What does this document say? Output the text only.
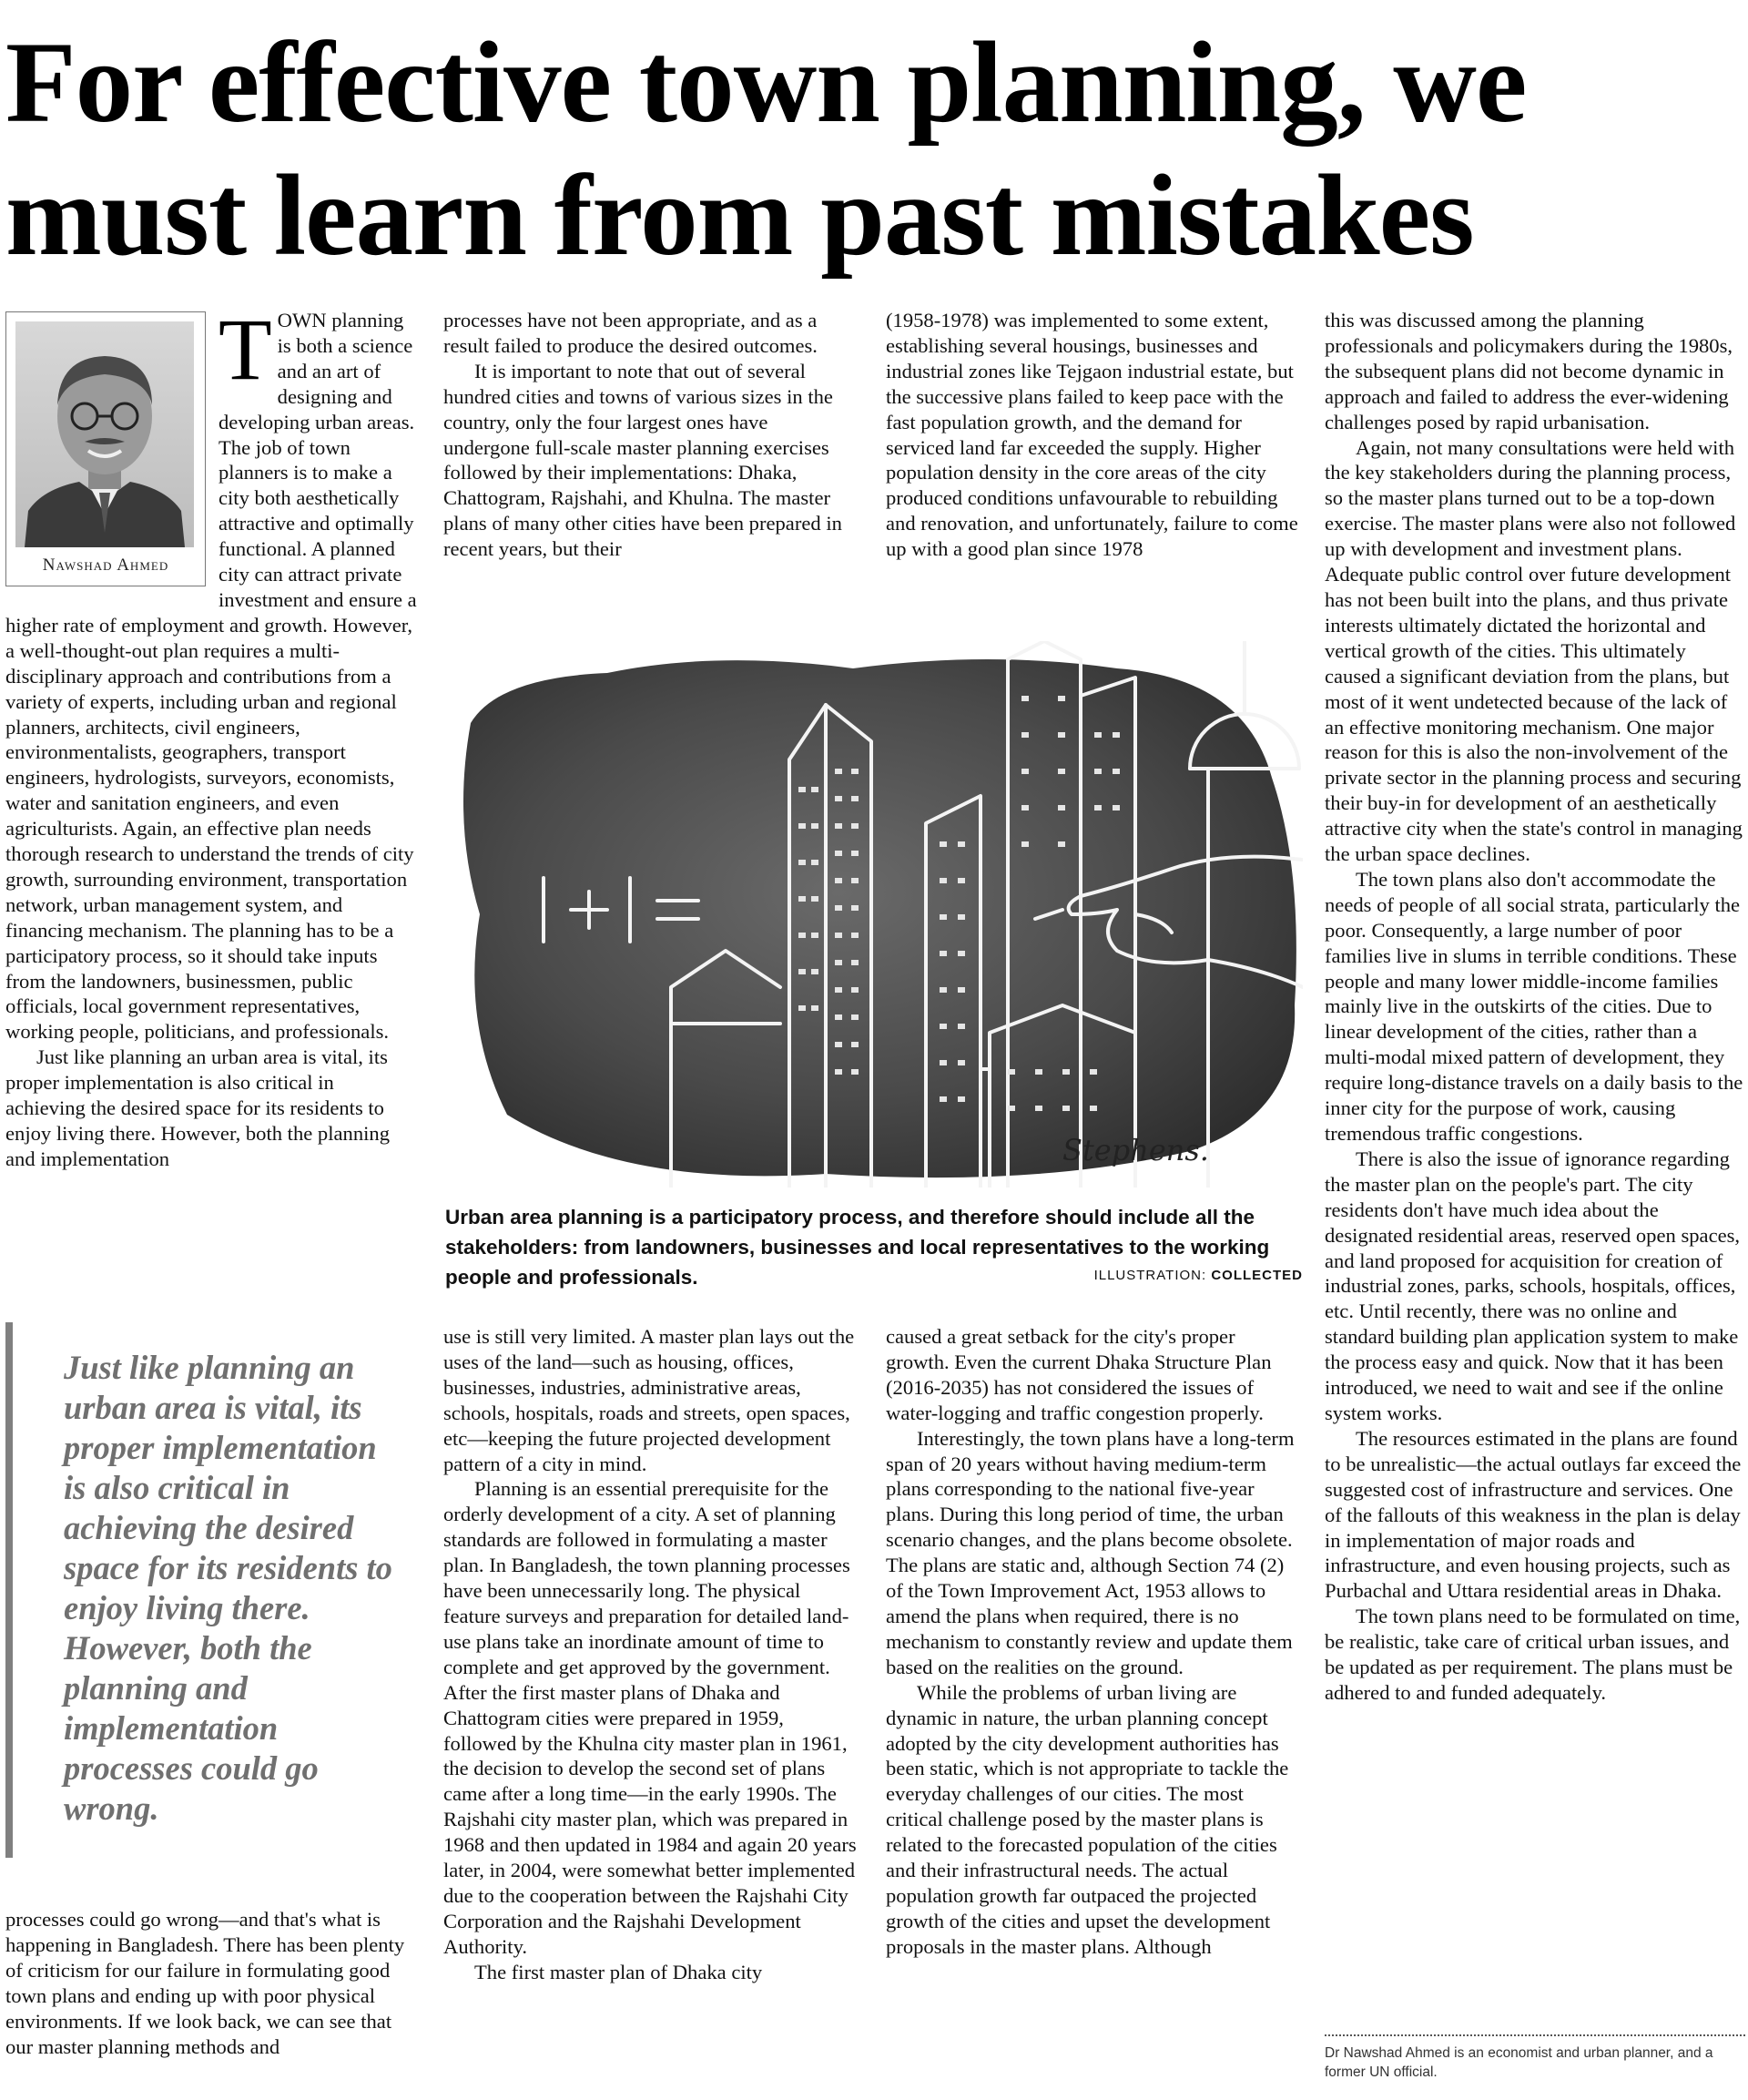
For effective town planning, we must learn from past mistakes
Nawshad Ahmed
T OWN planning is both a science and an art of designing and developing urban areas. The job of town planners is to make a city both aesthetically attractive and optimally functional. A planned city can attract private investment and ensure a higher rate of employment and growth. However, a well-thought-out plan requires a multi-disciplinary approach and contributions from a variety of experts, including urban and regional planners, architects, civil engineers, environmentalists, geographers, transport engineers, hydrologists, surveyors, economists, water and sanitation engineers, and even agriculturists. Again, an effective plan needs thorough research to understand the trends of city growth, surrounding environment, transportation network, urban management system, and financing mechanism. The planning has to be a participatory process, so it should take inputs from the landowners, businessmen, public officials, local government representatives, working people, politicians, and professionals.

Just like planning an urban area is vital, its proper implementation is also critical in achieving the desired space for its residents to enjoy living there. However, both the planning and implementation

Just like planning an urban area is vital, its proper implementation is also critical in achieving the desired space for its residents to enjoy living there. However, both the planning and implementation processes could go wrong.

processes could go wrong—and that's what is happening in Bangladesh. There has been plenty of criticism for our failure in formulating good town plans and ending up with poor physical environments. If we look back, we can see that our master planning methods and

processes have not been appropriate, and as a result failed to produce the desired outcomes.

It is important to note that out of several hundred cities and towns of various sizes in the country, only the four largest ones have undergone full-scale master planning exercises followed by their implementations: Dhaka, Chattogram, Rajshahi, and Khulna. The master plans of many other cities have been prepared in recent years, but their

(1958-1978) was implemented to some extent, establishing several housings, businesses and industrial zones like Tejgaon industrial estate, but the successive plans failed to keep pace with the fast population growth, and the demand for serviced land far exceeded the supply. Higher population density in the core areas of the city produced conditions unfavourable to rebuilding and renovation, and unfortunately, failure to come up with a good plan since 1978

Stephens.
Urban area planning is a participatory process, and therefore should include all the stakeholders: from landowners, businesses and local representatives to the working people and professionals.	ILLUSTRATION: COLLECTED

use is still very limited. A master plan lays out the uses of the land—such as housing, offices, businesses, industries, administrative areas, schools, hospitals, roads and streets, open spaces, etc—keeping the future projected development pattern of a city in mind.

Planning is an essential prerequisite for the orderly development of a city. A set of planning standards are followed in formulating a master plan. In Bangladesh, the town planning processes have been unnecessarily long. The physical feature surveys and preparation for detailed land-use plans take an inordinate amount of time to complete and get approved by the government. After the first master plans of Dhaka and Chattogram cities were prepared in 1959, followed by the Khulna city master plan in 1961, the decision to develop the second set of plans came after a long time—in the early 1990s. The Rajshahi city master plan, which was prepared in 1968 and then updated in 1984 and again 20 years later, in 2004, were somewhat better implemented due to the cooperation between the Rajshahi City Corporation and the Rajshahi Development Authority.

The first master plan of Dhaka city

caused a great setback for the city's proper growth. Even the current Dhaka Structure Plan (2016-2035) has not considered the issues of water-logging and traffic congestion properly.

Interestingly, the town plans have a long-term span of 20 years without having medium-term plans corresponding to the national five-year plans. During this long period of time, the urban scenario changes, and the plans become obsolete. The plans are static and, although Section 74 (2) of the Town Improvement Act, 1953 allows to amend the plans when required, there is no mechanism to constantly review and update them based on the realities on the ground.

While the problems of urban living are dynamic in nature, the urban planning concept adopted by the city development authorities has been static, which is not appropriate to tackle the everyday challenges of our cities. The most critical challenge posed by the master plans is related to the forecasted population of the cities and their infrastructural needs. The actual population growth far outpaced the projected growth of the cities and upset the development proposals in the master plans. Although

this was discussed among the planning professionals and policymakers during the 1980s, the subsequent plans did not become dynamic in approach and failed to address the ever-widening challenges posed by rapid urbanisation.

Again, not many consultations were held with the key stakeholders during the planning process, so the master plans turned out to be a top-down exercise. The master plans were also not followed up with development and investment plans. Adequate public control over future development has not been built into the plans, and thus private interests ultimately dictated the horizontal and vertical growth of the cities. This ultimately caused a significant deviation from the plans, but most of it went undetected because of the lack of an effective monitoring mechanism. One major reason for this is also the non-involvement of the private sector in the planning process and securing their buy-in for development of an aesthetically attractive city when the state's control in managing the urban space declines.

The town plans also don't accommodate the needs of people of all social strata, particularly the poor. Consequently, a large number of poor families live in slums in terrible conditions. These people and many lower middle-income families mainly live in the outskirts of the cities. Due to linear development of the cities, rather than a multi-modal mixed pattern of development, they require long-distance travels on a daily basis to the inner city for the purpose of work, causing tremendous traffic congestions.

There is also the issue of ignorance regarding the master plan on the people's part. The city residents don't have much idea about the designated residential areas, reserved open spaces, and land proposed for acquisition for creation of industrial zones, parks, schools, hospitals, offices, etc. Until recently, there was no online and standard building plan application system to make the process easy and quick. Now that it has been introduced, we need to wait and see if the online system works.

The resources estimated in the plans are found to be unrealistic—the actual outlays far exceed the suggested cost of infrastructure and services. One of the fallouts of this weakness in the plan is delay in implementation of major roads and infrastructure, and even housing projects, such as Purbachal and Uttara residential areas in Dhaka.

The town plans need to be formulated on time, be realistic, take care of critical urban issues, and be updated as per requirement. The plans must be adhered to and funded adequately.

Dr Nawshad Ahmed is an economist and urban planner, and a former UN official.
